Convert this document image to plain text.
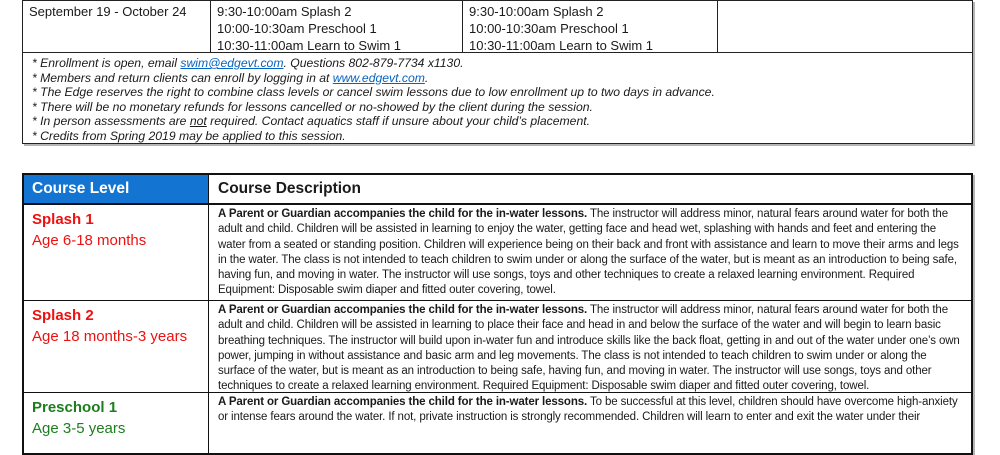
September 19 - October 24	9:30-10:00am Splash 2
10:00-10:30am Preschool 1
10:30-11:00am Learn to Swim 1
9:30-10:00am Splash 2
10:00-10:30am Preschool 1
10:30-11:00am Learn to Swim 1
* Enrollment is open, email swim@edgevt.com. Questions 802-879-7734 x1130.
* Members and return clients can enroll by logging in at www.edgevt.com.
* The Edge reserves the right to combine class levels or cancel swim lessons due to low enrollment up to two days in advance.
* There will be no monetary refunds for lessons cancelled or no-showed by the client during the session.
* In person assessments are not required. Contact aquatics staff if unsure about your child’s placement.
* Credits from Spring 2019 may be applied to this session.
Course Level	Course Description
Splash 1
Age 6-18 months
A Parent or Guardian accompanies the child for the in-water lessons. The instructor will address minor, natural fears around water for both the adult and child. Children will be assisted in learning to enjoy the water, getting face and head wet, splashing with hands and feet and entering the water from a seated or standing position. Children will experience being on their back and front with assistance and learn to move their arms and legs in the water. The class is not intended to teach children to swim under or along the surface of the water, but is meant as an introduction to being safe, having fun, and moving in water. The instructor will use songs, toys and other techniques to create a relaxed learning environment. Required Equipment: Disposable swim diaper and fitted outer covering, towel.
Splash 2
Age 18 months-3 years
A Parent or Guardian accompanies the child for the in-water lessons. The instructor will address minor, natural fears around water for both the adult and child. Children will be assisted in learning to place their face and head in and below the surface of the water and will begin to learn basic breathing techniques. The instructor will build upon in-water fun and introduce skills like the back float, getting in and out of the water under one’s own power, jumping in without assistance and basic arm and leg movements. The class is not intended to teach children to swim under or along the surface of the water, but is meant as an introduction to being safe, having fun, and moving in water. The instructor will use songs, toys and other techniques to create a relaxed learning environment. Required Equipment: Disposable swim diaper and fitted outer covering, towel.
Preschool 1
Age 3-5 years
A Parent or Guardian accompanies the child for the in-water lessons. To be successful at this level, children should have overcome high-anxiety or intense fears around the water. If not, private instruction is strongly recommended. Children will learn to enter and exit the water under their
